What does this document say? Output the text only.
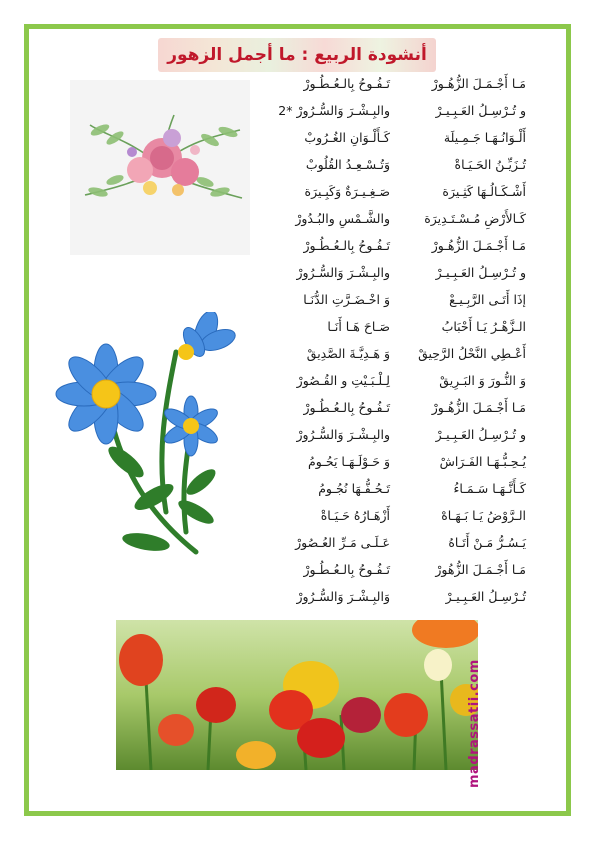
أنشودة الربيع : ما أجمل الزهور
مَـا أَجْـمَـلَ الزُّهُـورْ
تَـفُـوحُ بِالـعُـطُـورْ
و تُـرْسِـلُ العَـبِـيـرْ
والبِـشْـرَ وَالسُّـرُورْ *2
أَلْـوَانُـهَـا جَـمِـيلَة
كَـأَلْـوَانِ الغُـرُوبْ
تُـزَيِّـنُ الحَـيَـاةْ
وَتُـسْـعِـدُ القُلُوبْ
أَشْـكَـالُـهَا كَثِـيرَة
صَـغِـيـرَةٌ وَكَبِـيرَة
كَـالأَرْضِ مُـسْـتَـدِيرَة
والشَّـمْسِ والبُـدُورْ
مَـا أَجْـمَـلَ الزُّهُـورْ
تَـفُـوحُ بِالـعُـطُـورْ
و تُـرْسِـلُ العَـبِـيـرْ
والبِـشْـرَ وَالسُّـرُورْ
إذَا أَتَـى الرَّبِـيـعْ
وَ اخْـضَـرَّتِ الدُّنَـا
الـزَّهْـرُ يَـا أَحْبَابُ
صَـاحَ هَـا أَنَـا
أَعْـطِي النَّحْلُ الرَّحِيقْ
وَ هَـدِيَّـةَ الصَّدِيقْ
وَ النُّـورَ وَ البَـرِيقْ
لِـلْـبَـيْتِ و القُـصُورْ
مَـا أَجْـمَـلَ الزُّهُـورْ
تَـفُـوحُ بِالـعُـطُـورْ
و تُـرْسِـلُ العَـبِـيـرْ
والبِـشْـرَ وَالسُّـرُورْ
يُـحِـبُّـهَـا الفَـرَاشْ
وَ حَـوْلَـهَـا يَحُـومُ
كَـأَنَّـهَـا سَـمَـاءُ
تَـحُـفُّـهَا نُجُـومُ
الـرَّوْضُ يَـا بَـهَـاهْ
أَزْهَـارُهُ حَـيَـاةْ
يَـسُـرُّ مَـنْ أَتَـاهُ
عَـلَـى مَـرِّ العُـصُورْ
مَـا أَجْـمَـلَ الزُّهُورْ
تَـفُـوحُ بِالـعُـطُـورْ
تُـرْسِـلُ العَـبِـيـرْ
وَالبِـشْـرَ وَالسُّـرُورْ
madrassatii.com
